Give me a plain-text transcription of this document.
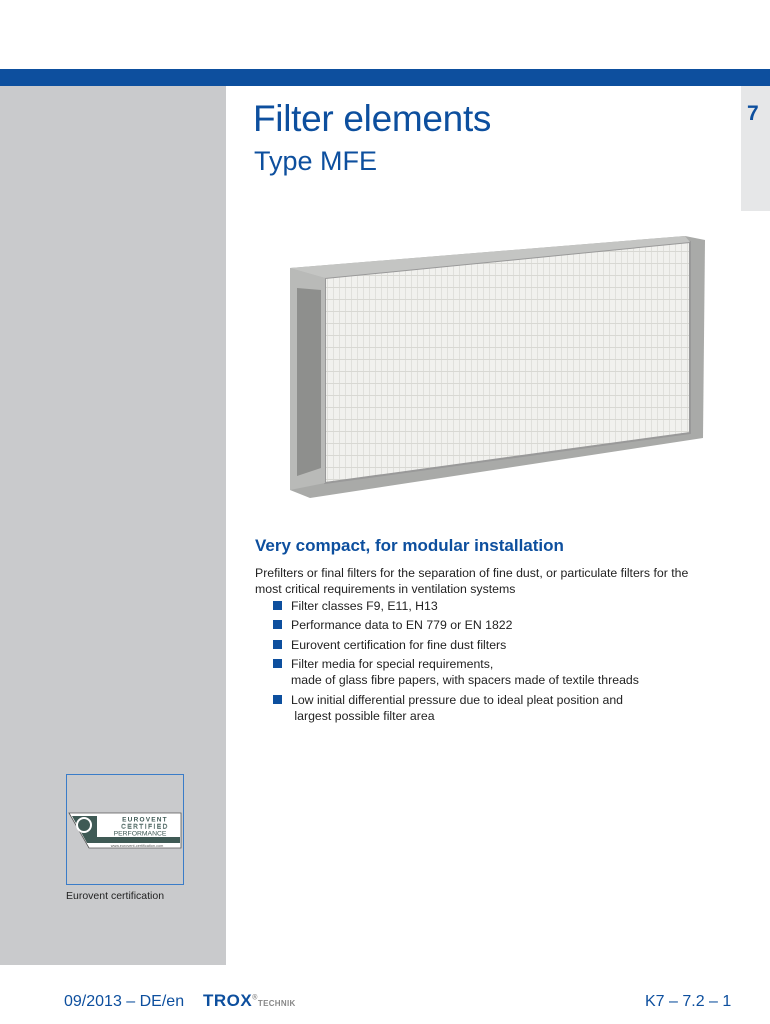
7
Filter elements
Type MFE
Very compact, for modular installation
Prefilters or final filters for the separation of fine dust, or particulate filters for the most critical requirements in ventilation systems
Filter classes F9, E11, H13
Performance data to EN 779 or EN 1822
Eurovent certification for fine dust filters
Filter media for special requirements,
made of glass fibre papers, with spacers made of textile threads
Low initial differential pressure due to ideal pleat position and
largest possible filter area
EUROVENT
CERTIFIED
PERFORMANCE
www.eurovent-certification.com
Eurovent certification
09/2013 – DE/en TROX®TECHNIK	K7 – 7.2 – 1
